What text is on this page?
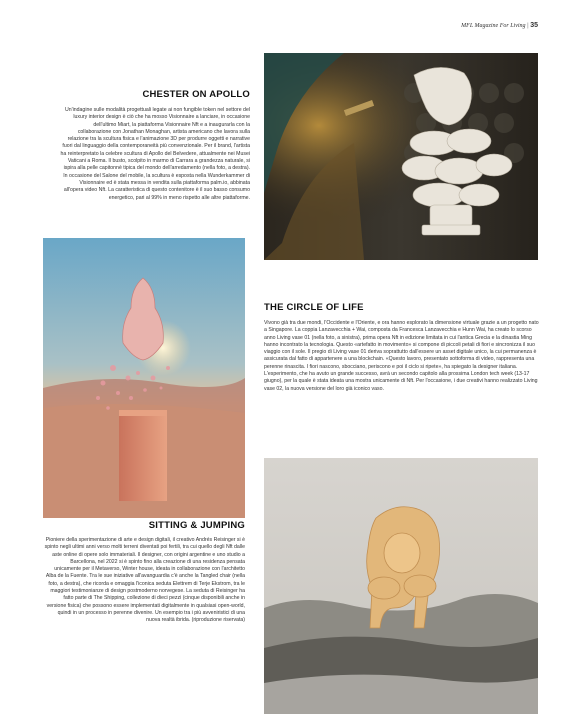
MFL Magazine For Living | 35
CHESTER ON APOLLO
Un'indagine sulle modalità progettuali legate ai non fungible token nel settore del luxury interior design è ciò che ha mosso Visionnaire a lanciare, in occasione dell'ultimo Miart, la piattaforma Visionnaire Nft e a inaugurarla con la collaborazione con Jonathan Monaghan, artista americano che lavora sulla relazione tra la scultura fisica e l'animazione 3D per produrre oggetti e narrative fuori dal linguaggio della contemporaneità più convenzionale. Per il brand, l'artista ha reinterpretato la celebre scultura di Apollo del Belvedere, attualmente nei Musei Vaticani a Roma. Il busto, scolpito in marmo di Carrara a grandezza naturale, si ispira alla pelle capitonnè tipica del mondo dell'arredamento (nella foto, a destra). In occasione del Salone del mobile, la scultura è esposta nella Wunderkammer di Visionnaire ed è stata messa in vendita sulla piattaforma palm.io, abbinata all'opera video Nft. La caratteristica di questo contenitore è il suo basso consumo energetico, pari al 99% in meno rispetto alle altre piattaforme.
THE CIRCLE OF LIFE
Vivono già tra due mondi, l'Occidente e l'Oriente, e ora hanno esplorato la dimensione virtuale grazie a un progetto nato a Singapore. La coppia Lanzavecchia + Wai, composta da Francesca Lanzavecchia e Hunn Wai, ha creato lo scorso anno Living vase 01 (nella foto, a sinistra), prima opera Nft in edizione limitata in cui l'antica Grecia e la dinastia Ming hanno incontrato la tecnologia. Questo «artefatto in movimento» si compone di piccoli petali di fiori e sincronizza il suo viaggio con il sole. Il pregio di Living vase 01 deriva soprattutto dall'essere un asset digitale unico, la cui permanenza è assicurata dal fatto di appartenere a una blockchain. «Questo lavoro, presentato sottoforma di video, rappresenta una perenne rinascita. I fiori nascono, sbocciano, periscono e poi il ciclo si ripete», ha spiegato la designer italiana. L'esperimento, che ha avuto un grande successo, avrà un secondo capitolo alla prossima London tech week (13-17 giugno), per la quale è stata ideata una mostra unicamente di Nft. Per l'occasione, i due creativi hanno realizzato Living vase 02, la nuova versione del loro già iconico vaso.
SITTING & JUMPING
Pioniere della sperimentazione di arte e design digitali, il creativo Andrés Reisinger si è spinto negli ultimi anni verso molti terreni diventati poi fertili, tra cui quello degli Nft dalle aste online di opere solo immateriali. Il designer, con origini argentine e uno studio a Barcellona, nel 2022 si è spinto fino alla creazione di una residenza pensata unicamente per il Metaverso, Winter house, ideata in collaborazione con l'architetto Alba de la Fuente. Tra le sue iniziative all'avanguardia c'è anche la Tangled chair (nella foto, a destra), che ricorda e omaggia l'iconica seduta Elettrem di Terje Ekstrom, tra le maggiori testimonianze di design postmoderno norvegese. La seduta di Reisinger ha fatto parte di The Shipping, collezione di dieci pezzi (cinque disponibili anche in versione fisica) che possono essere implementati digitalmente in qualsiasi open-world, quindi in un processo in perenne divenire. Un esempio tra i più avveniristici di una nuova realtà ibrida. (riproduzione riservata)
